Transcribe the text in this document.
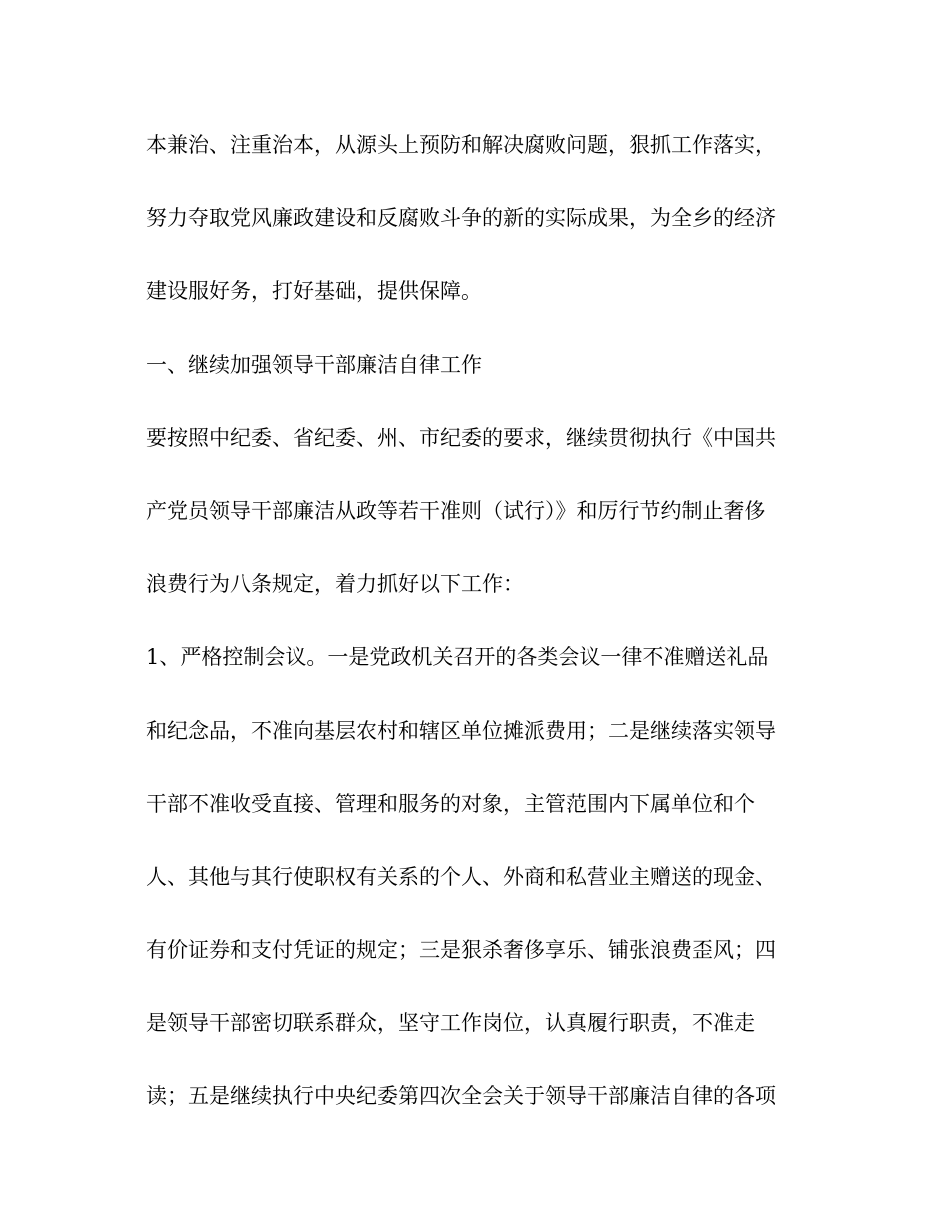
本兼治、注重治本，从源头上预防和解决腐败问题，狠抓工作落实，
努力夺取党风廉政建设和反腐败斗争的新的实际成果，为全乡的经济
建设服好务，打好基础，提供保障。
一、继续加强领导干部廉洁自律工作
要按照中纪委、省纪委、州、市纪委的要求，继续贯彻执行《中国共
产党员领导干部廉洁从政等若干准则（试行）》和厉行节约制止奢侈
浪费行为八条规定，着力抓好以下工作：
1、严格控制会议。一是党政机关召开的各类会议一律不准赠送礼品
和纪念品，不准向基层农村和辖区单位摊派费用；二是继续落实领导
干部不准收受直接、管理和服务的对象，主管范围内下属单位和个
人、其他与其行使职权有关系的个人、外商和私营业主赠送的现金、
有价证券和支付凭证的规定；三是狠杀奢侈享乐、铺张浪费歪风；四
是领导干部密切联系群众，坚守工作岗位，认真履行职责，不准走
读；五是继续执行中央纪委第四次全会关于领导干部廉洁自律的各项
